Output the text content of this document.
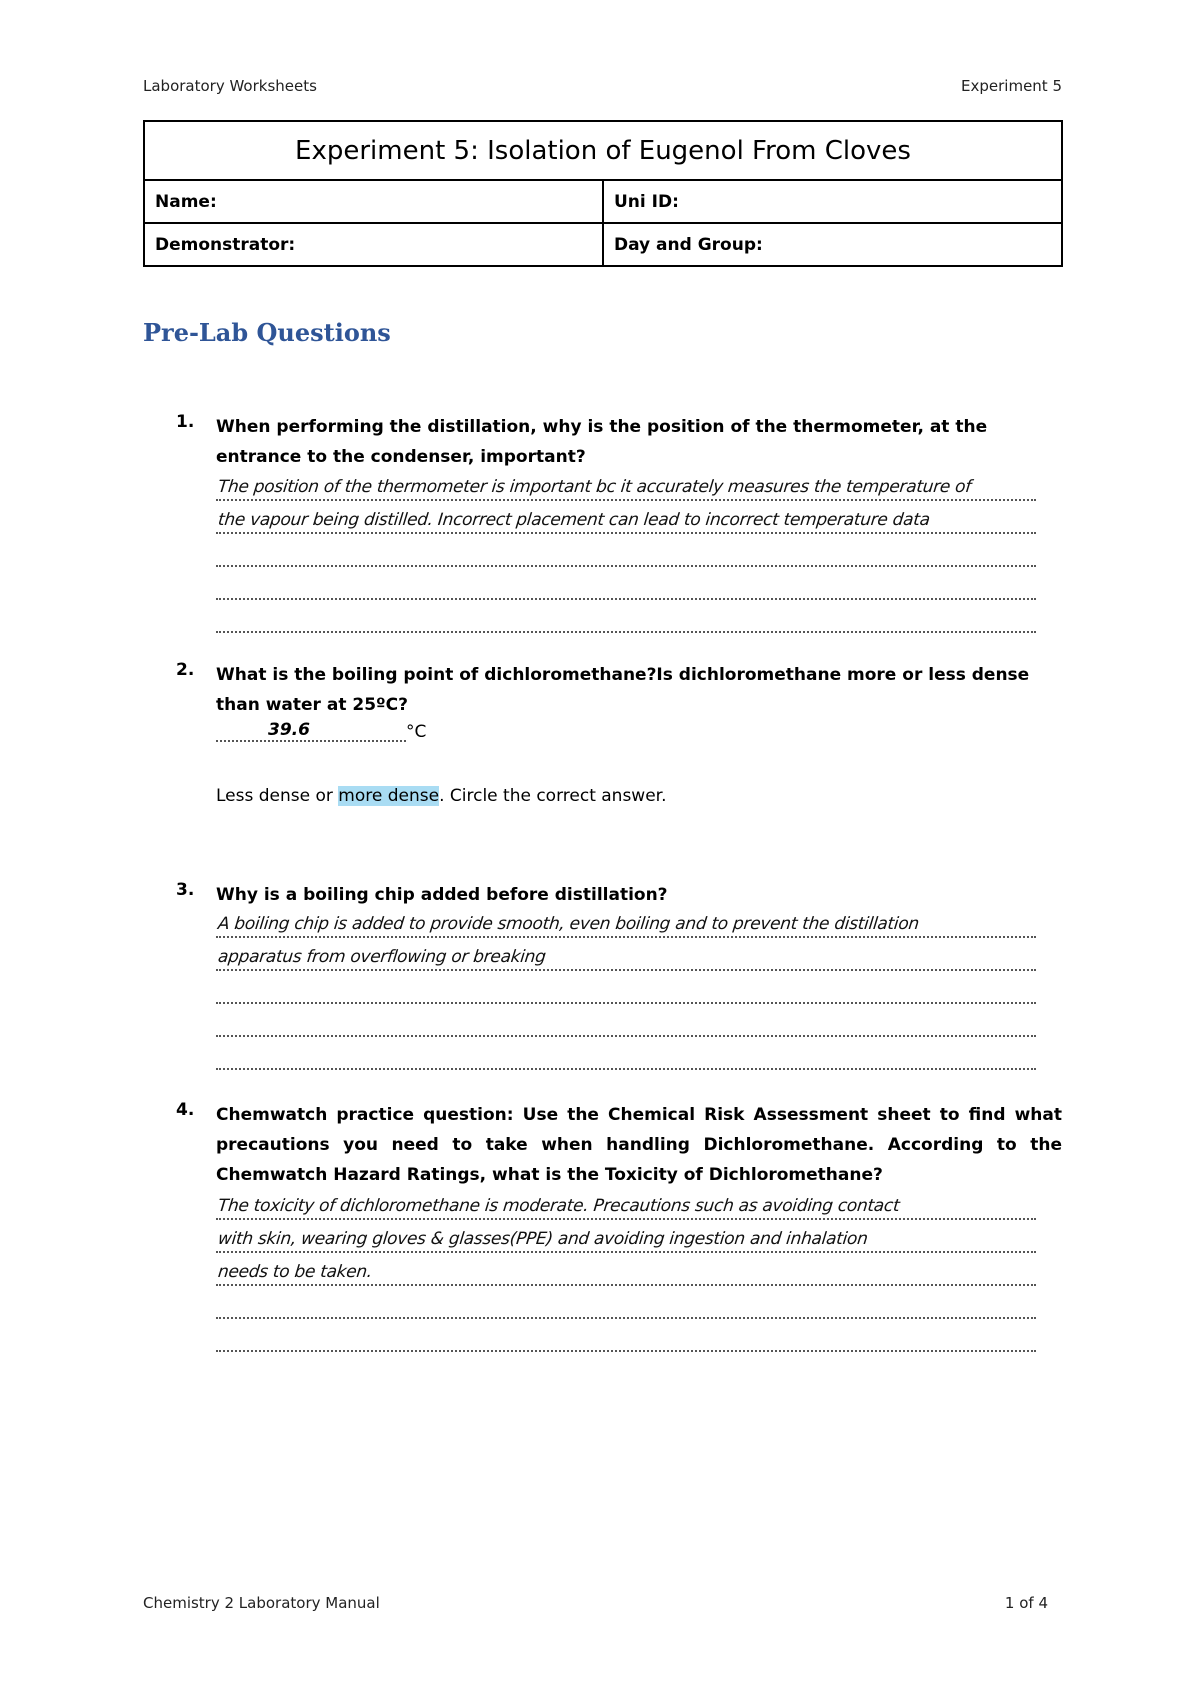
Laboratory Worksheets	Experiment 5
Experiment 5: Isolation of Eugenol From Cloves	
Name:	Uni ID:
Demonstrator:	Day and Group:
Pre-Lab Questions
1. When performing the distillation, why is the position of the thermometer, at the entrance to the condenser, important?
The position of the thermometer is important bc it accurately measures the temperature of
the vapour being distilled. Incorrect placement can lead to incorrect temperature data
2. What is the boiling point of dichloromethane?Is dichloromethane more or less dense than water at 25ºC?
39.6	°C
Less dense or more dense. Circle the correct answer.
3. Why is a boiling chip added before distillation?
A boiling chip is added to provide smooth, even boiling and to prevent the distillation
apparatus from overflowing or breaking
4. Chemwatch practice question: Use the Chemical Risk Assessment sheet to find what precautions you need to take when handling Dichloromethane. According to the Chemwatch Hazard Ratings, what is the Toxicity of Dichloromethane?
The toxicity of dichloromethane is moderate. Precautions such as avoiding contact
with skin, wearing gloves & glasses(PPE) and avoiding ingestion and inhalation
needs to be taken.
Chemistry 2 Laboratory Manual	1 of 4
